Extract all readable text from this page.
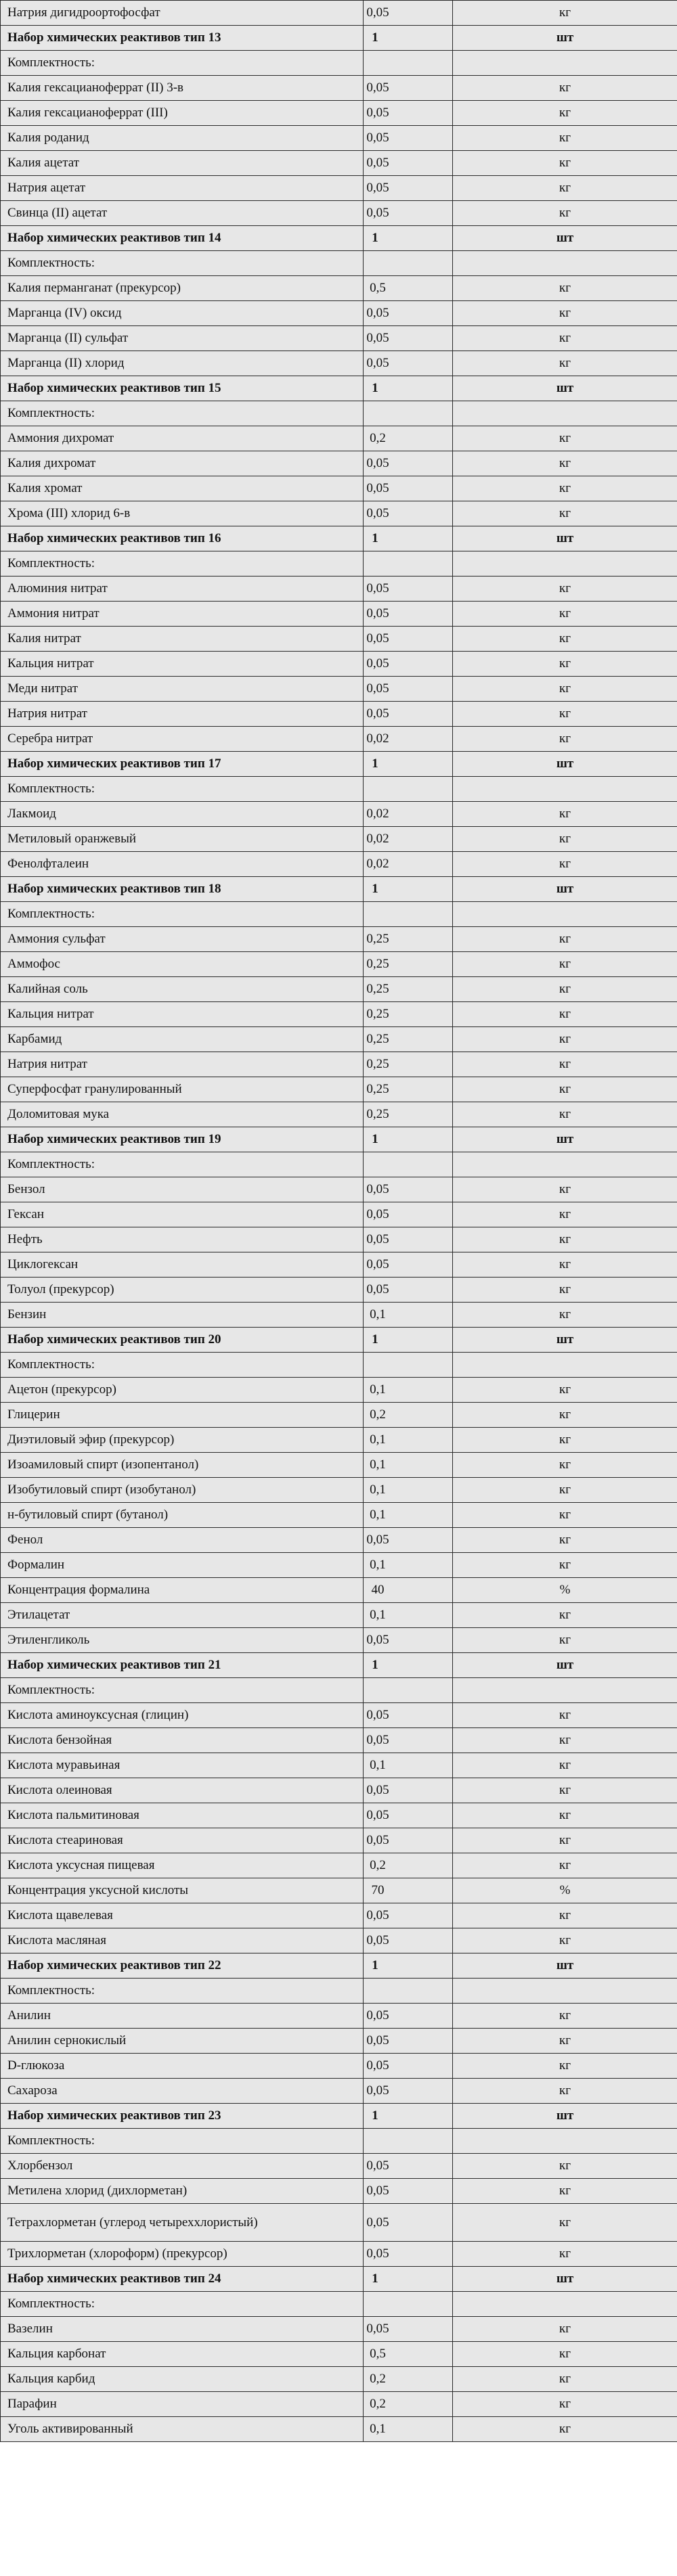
Натрия дигидроортофосфат	0,05	кг
Набор химических реактивов тип 13	1	шт
Комплектность:		
Калия гексацианоферрат (II) 3-в	0,05	кг
Калия гексацианоферрат (III)	0,05	кг
Калия роданид	0,05	кг
Калия ацетат	0,05	кг
Натрия ацетат	0,05	кг
Свинца (II) ацетат	0,05	кг
Набор химических реактивов тип 14	1	шт
Комплектность:		
Калия перманганат (прекурсор)	0,5	кг
Марганца (IV) оксид	0,05	кг
Марганца (II) сульфат	0,05	кг
Марганца (II) хлорид	0,05	кг
Набор химических реактивов тип 15	1	шт
Комплектность:		
Аммония дихромат	0,2	кг
Калия дихромат	0,05	кг
Калия хромат	0,05	кг
Хрома (III) хлорид 6-в	0,05	кг
Набор химических реактивов тип 16	1	шт
Комплектность:		
Алюминия нитрат	0,05	кг
Аммония нитрат	0,05	кг
Калия нитрат	0,05	кг
Кальция нитрат	0,05	кг
Меди нитрат	0,05	кг
Натрия нитрат	0,05	кг
Серебра нитрат	0,02	кг
Набор химических реактивов тип 17	1	шт
Комплектность:		
Лакмоид	0,02	кг
Метиловый оранжевый	0,02	кг
Фенолфталеин	0,02	кг
Набор химических реактивов тип 18	1	шт
Комплектность:		
Аммония сульфат	0,25	кг
Аммофос	0,25	кг
Калийная соль	0,25	кг
Кальция нитрат	0,25	кг
Карбамид	0,25	кг
Натрия нитрат	0,25	кг
Суперфосфат гранулированный	0,25	кг
Доломитовая мука	0,25	кг
Набор химических реактивов тип 19	1	шт
Комплектность:		
Бензол	0,05	кг
Гексан	0,05	кг
Нефть	0,05	кг
Циклогексан	0,05	кг
Толуол (прекурсор)	0,05	кг
Бензин	0,1	кг
Набор химических реактивов тип 20	1	шт
Комплектность:		
Ацетон (прекурсор)	0,1	кг
Глицерин	0,2	кг
Диэтиловый эфир (прекурсор)	0,1	кг
Изоамиловый спирт (изопентанол)	0,1	кг
Изобутиловый спирт (изобутанол)	0,1	кг
н-бутиловый спирт (бутанол)	0,1	кг
Фенол	0,05	кг
Формалин	0,1	кг
Концентрация формалина	40	%
Этилацетат	0,1	кг
Этиленгликоль	0,05	кг
Набор химических реактивов тип 21	1	шт
Комплектность:		
Кислота аминоуксусная (глицин)	0,05	кг
Кислота бензойная	0,05	кг
Кислота муравьиная	0,1	кг
Кислота олеиновая	0,05	кг
Кислота пальмитиновая	0,05	кг
Кислота стеариновая	0,05	кг
Кислота уксусная пищевая	0,2	кг
Концентрация уксусной кислоты	70	%
Кислота щавелевая	0,05	кг
Кислота масляная	0,05	кг
Набор химических реактивов тип 22	1	шт
Комплектность:		
Анилин	0,05	кг
Анилин сернокислый	0,05	кг
D-глюкоза	0,05	кг
Сахароза	0,05	кг
Набор химических реактивов тип 23	1	шт
Комплектность:		
Хлорбензол	0,05	кг
Метилена хлорид (дихлорметан)	0,05	кг
Тетрахлорметан (углерод четыреххлористый)	0,05	кг
Трихлорметан (хлороформ) (прекурсор)	0,05	кг
Набор химических реактивов тип 24	1	шт
Комплектность:		
Вазелин	0,05	кг
Кальция карбонат	0,5	кг
Кальция карбид	0,2	кг
Парафин	0,2	кг
Уголь активированный	0,1	кг
